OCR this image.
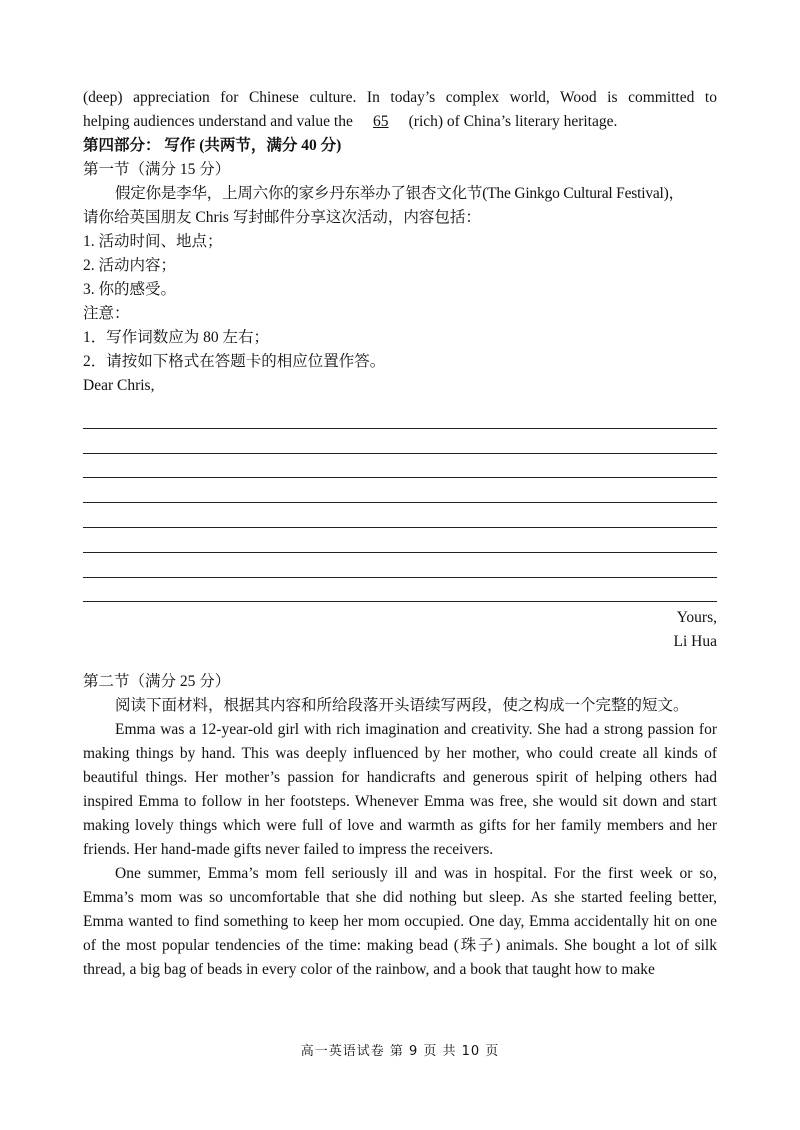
(deep) appreciation for Chinese culture. In today’s complex world, Wood is committed to
helping audiences understand and value the 65 (rich) of China’s literary heritage.
第四部分： 写作 (共两节，满分 40 分)
第一节（满分 15 分）
假定你是李华，上周六你的家乡丹东举办了银杏文化节(The Ginkgo Cultural Festival)，
请你给英国朋友 Chris 写封邮件分享这次活动，内容包括：
1. 活动时间、地点；
2. 活动内容；
3. 你的感受。
注意：
1．写作词数应为 80 左右；
2．请按如下格式在答题卡的相应位置作答。
Dear Chris,
Yours,
Li Hua
第二节（满分 25 分）
阅读下面材料，根据其内容和所给段落开头语续写两段，使之构成一个完整的短文。
Emma was a 12-year-old girl with rich imagination and creativity. She had a strong passion for making things by hand. This was deeply influenced by her mother, who could create all kinds of beautiful things. Her mother’s passion for handicrafts and generous spirit of helping others had inspired Emma to follow in her footsteps. Whenever Emma was free, she would sit down and start making lovely things which were full of love and warmth as gifts for her family members and her friends. Her hand-made gifts never failed to impress the receivers.
One summer, Emma’s mom fell seriously ill and was in hospital. For the first week or so, Emma’s mom was so uncomfortable that she did nothing but sleep. As she started feeling better, Emma wanted to find something to keep her mom occupied. One day, Emma accidentally hit on one of the most popular tendencies of the time: making bead (珠子) animals. She bought a lot of silk thread, a big bag of beads in every color of the rainbow, and a book that taught how to make
高一英语试卷 第 9 页 共 10 页
